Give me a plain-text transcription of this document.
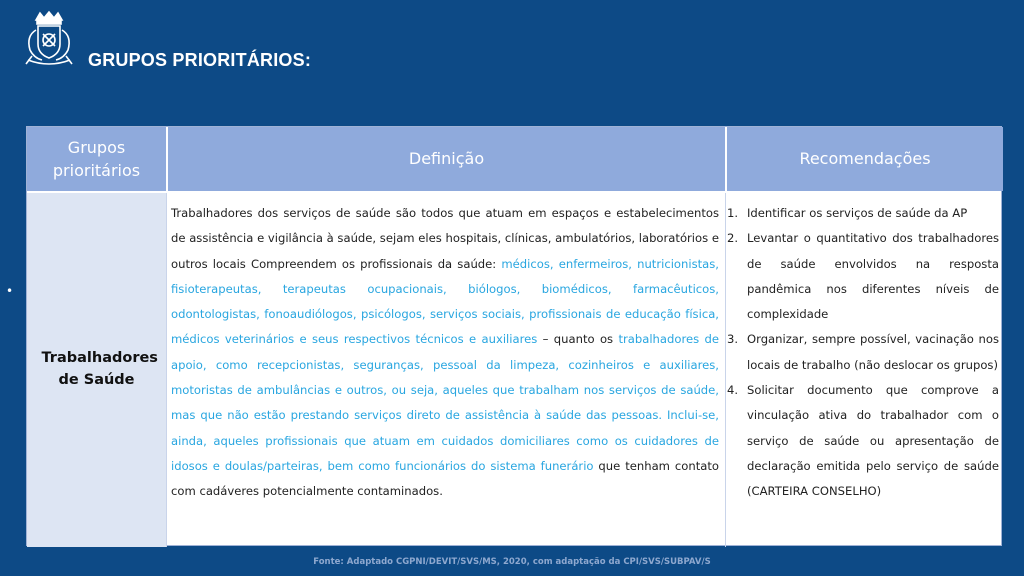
GRUPOS PRIORITÁRIOS:
•
Grupos prioritários
Definição	Recomendações
Trabalhadores de Saúde

Trabalhadores dos serviços de saúde são todos que atuam em espaços e estabelecimentos de assistência e vigilância à saúde, sejam eles hospitais, clínicas, ambulatórios, laboratórios e outros locais Compreendem os profissionais da saúde: médicos, enfermeiros, nutricionistas, fisioterapeutas, terapeutas ocupacionais, biólogos, biomédicos, farmacêuticos, odontologistas, fonoaudiólogos, psicólogos, serviços sociais, profissionais de educação física, médicos veterinários e seus respectivos técnicos e auxiliares – quanto os trabalhadores de apoio, como recepcionistas, seguranças, pessoal da limpeza, cozinheiros e auxiliares, motoristas de ambulâncias e outros, ou seja, aqueles que trabalham nos serviços de saúde, mas que não estão prestando serviços direto de assistência à saúde das pessoas. Inclui-se, ainda, aqueles profissionais que atuam em cuidados domiciliares como os cuidadores de idosos e doulas/parteiras, bem como funcionários do sistema funerário que tenham contato com cadáveres potencialmente contaminados.

1. Identificar os serviços de saúde da AP
2. Levantar o quantitativo dos trabalhadores de saúde envolvidos na resposta pandêmica nos diferentes níveis de complexidade
3. Organizar, sempre possível, vacinação nos locais de trabalho (não deslocar os grupos)
4. Solicitar documento que comprove a vinculação ativa do trabalhador com o serviço de saúde ou apresentação de declaração emitida pelo serviço de saúde (CARTEIRA CONSELHO)
Fonte: Adaptado CGPNI/DEVIT/SVS/MS, 2020, com adaptação da CPI/SVS/SUBPAV/S
